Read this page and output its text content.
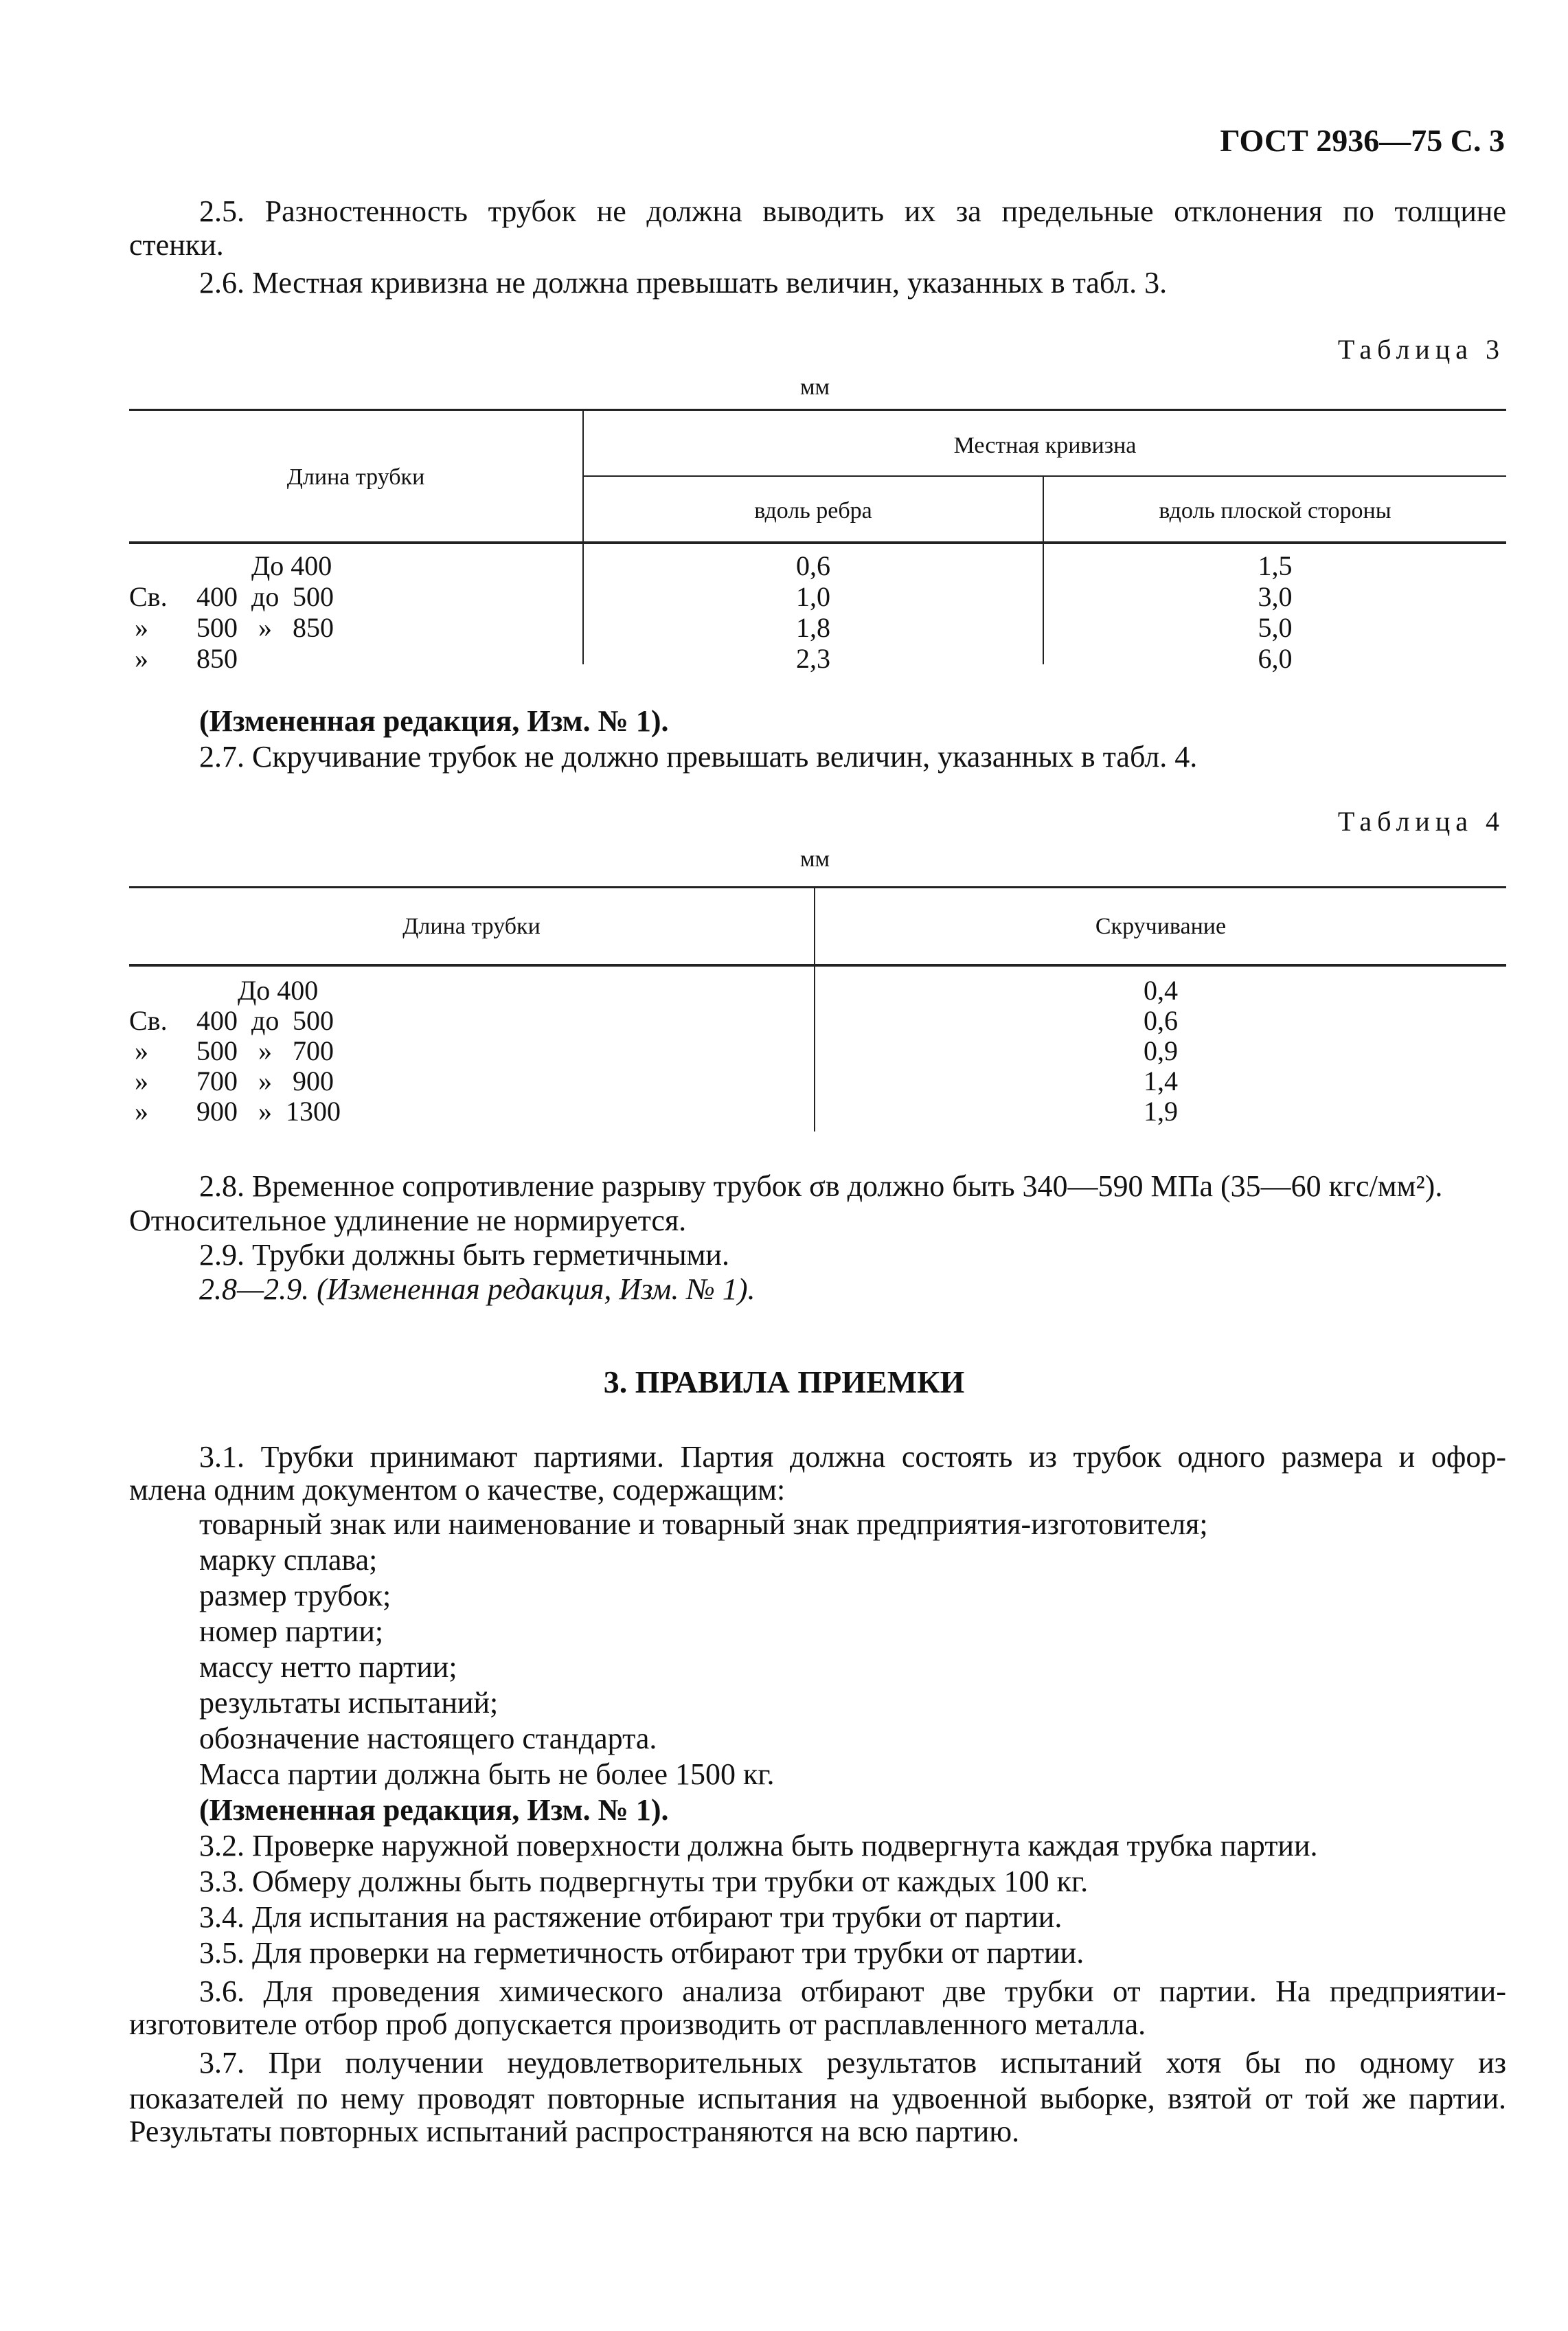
ГОСТ 2936—75 С. 3
2.5. Разностенность трубок не должна выводить их за предельные отклонения по толщине
стенки.
2.6. Местная кривизна не должна превышать величин, указанных в табл. 3.
Таблица 3
мм
Длина трубки
Местная кривизна
вдоль ребра	вдоль плоской стороны
До 400	0,6	1,5
Св. 400 до 500	1,0	3,0
» 500 » 850	1,8	5,0
» 850	2,3	6,0
(Измененная редакция, Изм. № 1).
2.7. Скручивание трубок не должно превышать величин, указанных в табл. 4.
Таблица 4
мм
Длина трубки	Скручивание
До 400	0,4
Св. 400 до 500	0,6
» 500 » 700	0,9
» 700 » 900	1,4
» 900 » 1300	1,9
2.8. Временное сопротивление разрыву трубок σв должно быть 340—590 МПа (35—60 кгс/мм²).
Относительное удлинение не нормируется.
2.9. Трубки должны быть герметичными.
2.8—2.9. (Измененная редакция, Изм. № 1).
3. ПРАВИЛА ПРИЕМКИ
3.1. Трубки принимают партиями. Партия должна состоять из трубок одного размера и офор-
млена одним документом о качестве, содержащим:
товарный знак или наименование и товарный знак предприятия-изготовителя;
марку сплава;
размер трубок;
номер партии;
массу нетто партии;
результаты испытаний;
обозначение настоящего стандарта.
Масса партии должна быть не более 1500 кг.
(Измененная редакция, Изм. № 1).
3.2. Проверке наружной поверхности должна быть подвергнута каждая трубка партии.
3.3. Обмеру должны быть подвергнуты три трубки от каждых 100 кг.
3.4. Для испытания на растяжение отбирают три трубки от партии.
3.5. Для проверки на герметичность отбирают три трубки от партии.
3.6. Для проведения химического анализа отбирают две трубки от партии. На предприятии-
изготовителе отбор проб допускается производить от расплавленного металла.
3.7. При получении неудовлетворительных результатов испытаний хотя бы по одному из
показателей по нему проводят повторные испытания на удвоенной выборке, взятой от той же партии.
Результаты повторных испытаний распространяются на всю партию.
